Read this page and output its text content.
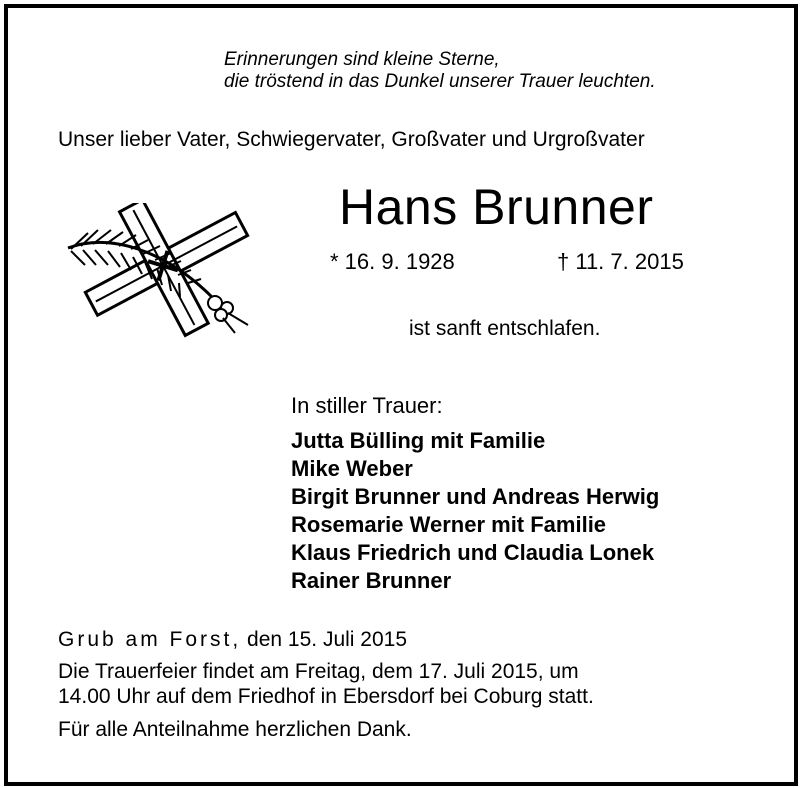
Erinnerungen sind kleine Sterne,
die tröstend in das Dunkel unserer Trauer leuchten.
Unser lieber Vater, Schwiegervater, Großvater und Urgroßvater
Hans Brunner
* 16. 9. 1928	† 11. 7. 2015
ist sanft entschlafen.
In stiller Trauer:
Jutta Bülling mit Familie
Mike Weber
Birgit Brunner und Andreas Herwig
Rosemarie Werner mit Familie
Klaus Friedrich und Claudia Lonek
Rainer Brunner
Grub am Forst, den 15. Juli 2015
Die Trauerfeier findet am Freitag, dem 17. Juli 2015, um
14.00 Uhr auf dem Friedhof in Ebersdorf bei Coburg statt.
Für alle Anteilnahme herzlichen Dank.
